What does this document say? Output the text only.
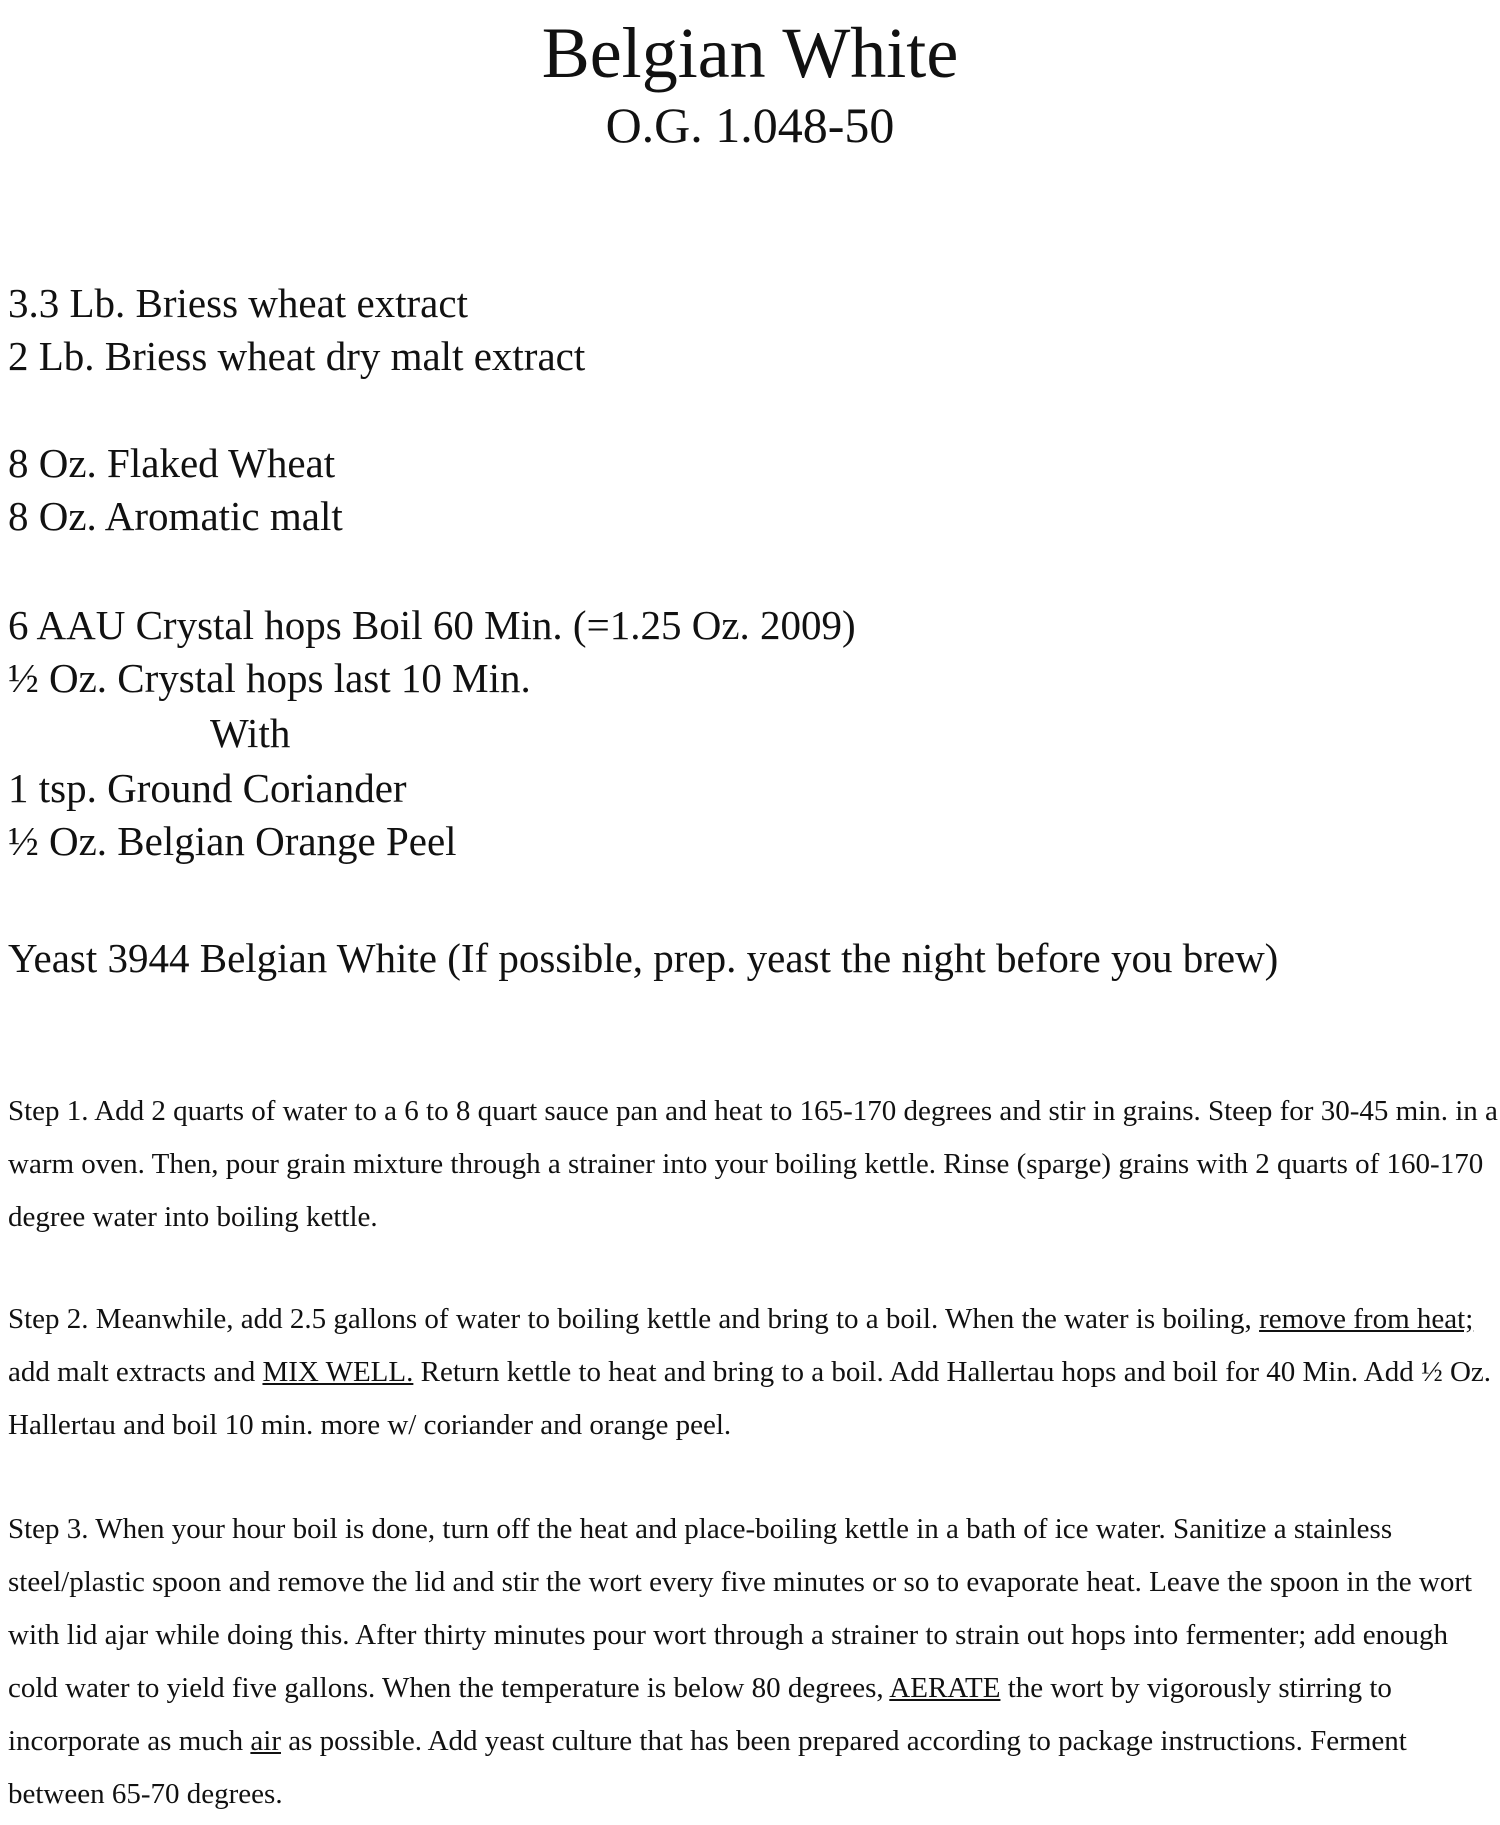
Belgian White
O.G. 1.048-50
3.3 Lb. Briess wheat extract
2 Lb. Briess wheat dry malt extract
8 Oz. Flaked Wheat
8 Oz. Aromatic malt
6 AAU Crystal hops Boil 60 Min. (=1.25 Oz. 2009)
½ Oz. Crystal hops last 10 Min.
With
1 tsp. Ground Coriander
½ Oz. Belgian Orange Peel
Yeast 3944 Belgian White (If possible, prep. yeast the night before you brew)
Step 1. Add 2 quarts of water to a 6 to 8 quart sauce pan and heat to 165-170 degrees and stir in grains. Steep for 30-45 min. in a warm oven. Then, pour grain mixture through a strainer into your boiling kettle. Rinse (sparge) grains with 2 quarts of 160-170 degree water into boiling kettle.
Step 2. Meanwhile, add 2.5 gallons of water to boiling kettle and bring to a boil. When the water is boiling, remove from heat; add malt extracts and MIX WELL. Return kettle to heat and bring to a boil. Add Hallertau hops and boil for 40 Min. Add ½ Oz. Hallertau and boil 10 min. more w/ coriander and orange peel.
Step 3. When your hour boil is done, turn off the heat and place-boiling kettle in a bath of ice water. Sanitize a stainless steel/plastic spoon and remove the lid and stir the wort every five minutes or so to evaporate heat. Leave the spoon in the wort with lid ajar while doing this. After thirty minutes pour wort through a strainer to strain out hops into fermenter; add enough cold water to yield five gallons. When the temperature is below 80 degrees, AERATE the wort by vigorously stirring to incorporate as much air as possible. Add yeast culture that has been prepared according to package instructions. Ferment between 65-70 degrees.
